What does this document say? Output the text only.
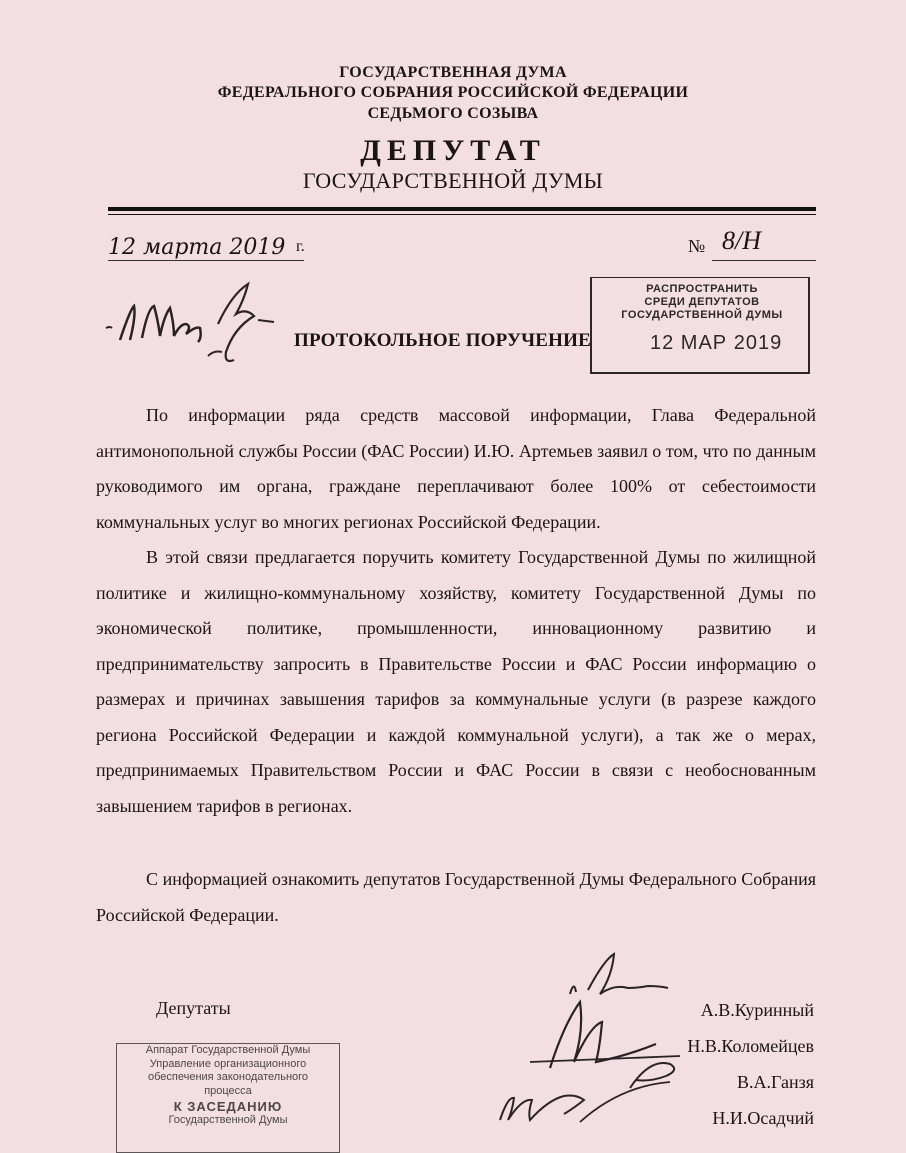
ГОСУДАРСТВЕННАЯ ДУМА
ФЕДЕРАЛЬНОГО СОБРАНИЯ РОССИЙСКОЙ ФЕДЕРАЦИИ
СЕДЬМОГО СОЗЫВА
ДЕПУТАТ
ГОСУДАРСТВЕННОЙ ДУМЫ
12 марта 2019 г.	№ 8/Н
ПРОТОКОЛЬНОЕ ПОРУЧЕНИЕ
РАСПРОСТРАНИТЬ
СРЕДИ ДЕПУТАТОВ
ГОСУДАРСТВЕННОЙ ДУМЫ
12 МАР 2019

По информации ряда средств массовой информации, Глава Федеральной антимонопольной службы России (ФАС России) И.Ю. Артемьев заявил о том, что по данным руководимого им органа, граждане переплачивают более 100% от себестоимости коммунальных услуг во многих регионах Российской Федерации.

В этой связи предлагается поручить комитету Государственной Думы по жилищной политике и жилищно-коммунальному хозяйству, комитету Государственной Думы по экономической политике, промышленности, инновационному развитию и предпринимательству запросить в Правительстве России и ФАС России информацию о размерах и причинах завышения тарифов за коммунальные услуги (в разрезе каждого региона Российской Федерации и каждой коммунальной услуги), а так же о мерах, предпринимаемых Правительством России и ФАС России в связи с необоснованным завышением тарифов в регионах.

С информацией ознакомить депутатов Государственной Думы Федерального Собрания Российской Федерации.

Депутаты	А.В.Куринный
Н.В.Коломейцев
В.А.Ганзя
Н.И.Осадчий
Аппарат Государственной Думы
Управление организационного
обеспечения законодательного
процесса
К ЗАСЕДАНИЮ
Государственной Думы
